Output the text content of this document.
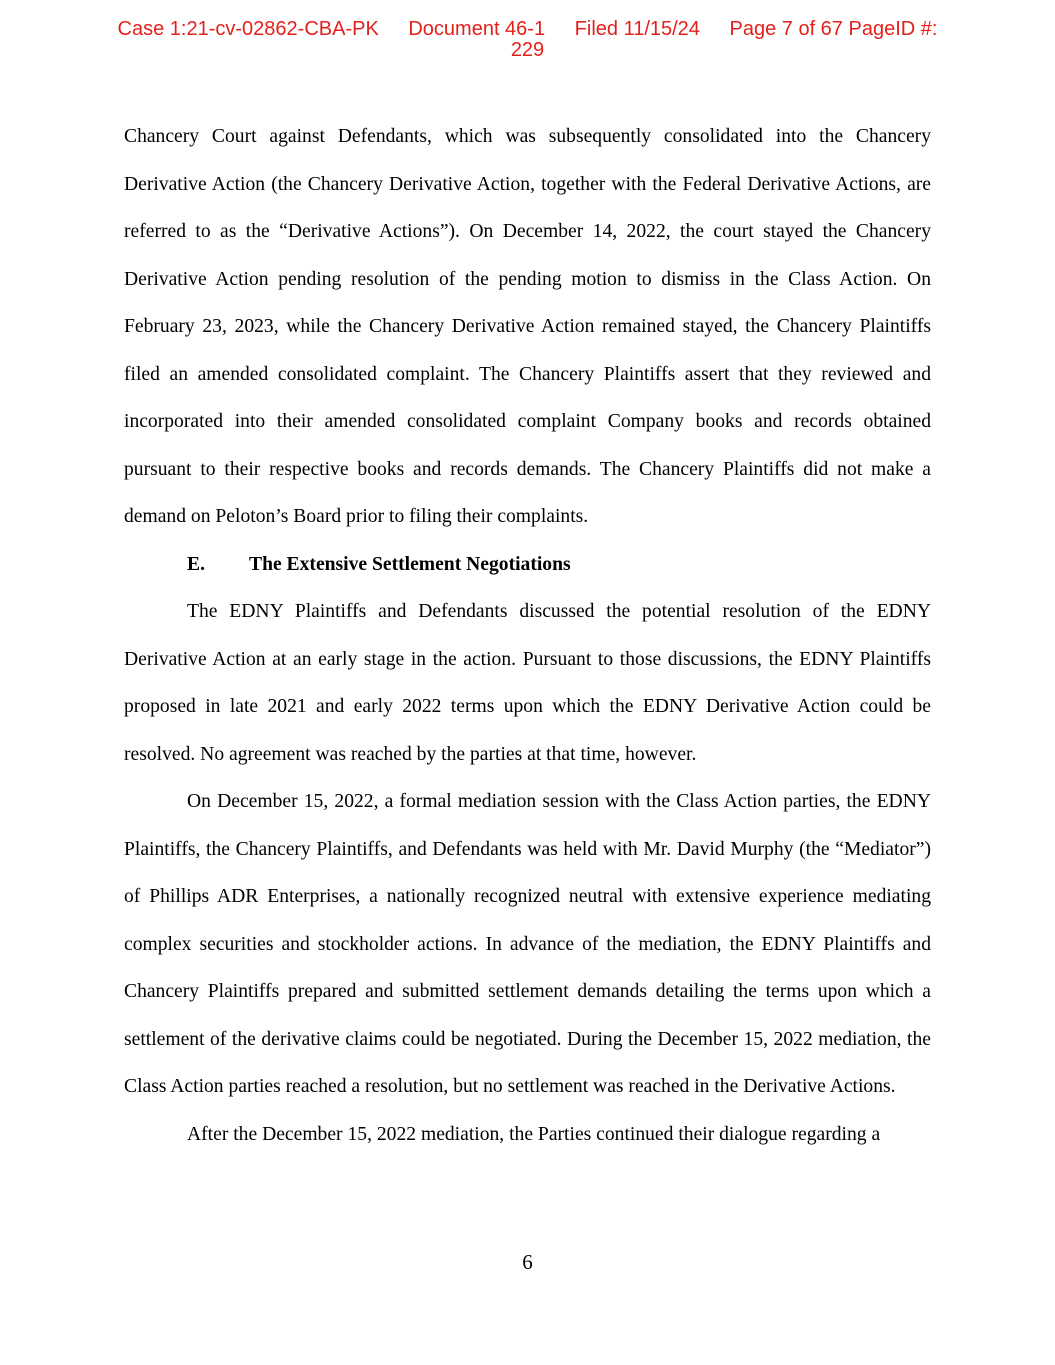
Case 1:21-cv-02862-CBA-PK Document 46-1 Filed 11/15/24 Page 7 of 67 PageID #:
229

Chancery Court against Defendants, which was subsequently consolidated into the Chancery Derivative Action (the Chancery Derivative Action, together with the Federal Derivative Actions, are referred to as the “Derivative Actions”). On December 14, 2022, the court stayed the Chancery Derivative Action pending resolution of the pending motion to dismiss in the Class Action. On February 23, 2023, while the Chancery Derivative Action remained stayed, the Chancery Plaintiffs filed an amended consolidated complaint. The Chancery Plaintiffs assert that they reviewed and incorporated into their amended consolidated complaint Company books and records obtained pursuant to their respective books and records demands. The Chancery Plaintiffs did not make a demand on Peloton’s Board prior to filing their complaints.

E. The Extensive Settlement Negotiations

The EDNY Plaintiffs and Defendants discussed the potential resolution of the EDNY Derivative Action at an early stage in the action. Pursuant to those discussions, the EDNY Plaintiffs proposed in late 2021 and early 2022 terms upon which the EDNY Derivative Action could be resolved. No agreement was reached by the parties at that time, however.

On December 15, 2022, a formal mediation session with the Class Action parties, the EDNY Plaintiffs, the Chancery Plaintiffs, and Defendants was held with Mr. David Murphy (the “Mediator”) of Phillips ADR Enterprises, a nationally recognized neutral with extensive experience mediating complex securities and stockholder actions. In advance of the mediation, the EDNY Plaintiffs and Chancery Plaintiffs prepared and submitted settlement demands detailing the terms upon which a settlement of the derivative claims could be negotiated. During the December 15, 2022 mediation, the Class Action parties reached a resolution, but no settlement was reached in the Derivative Actions.

After the December 15, 2022 mediation, the Parties continued their dialogue regarding a

6
